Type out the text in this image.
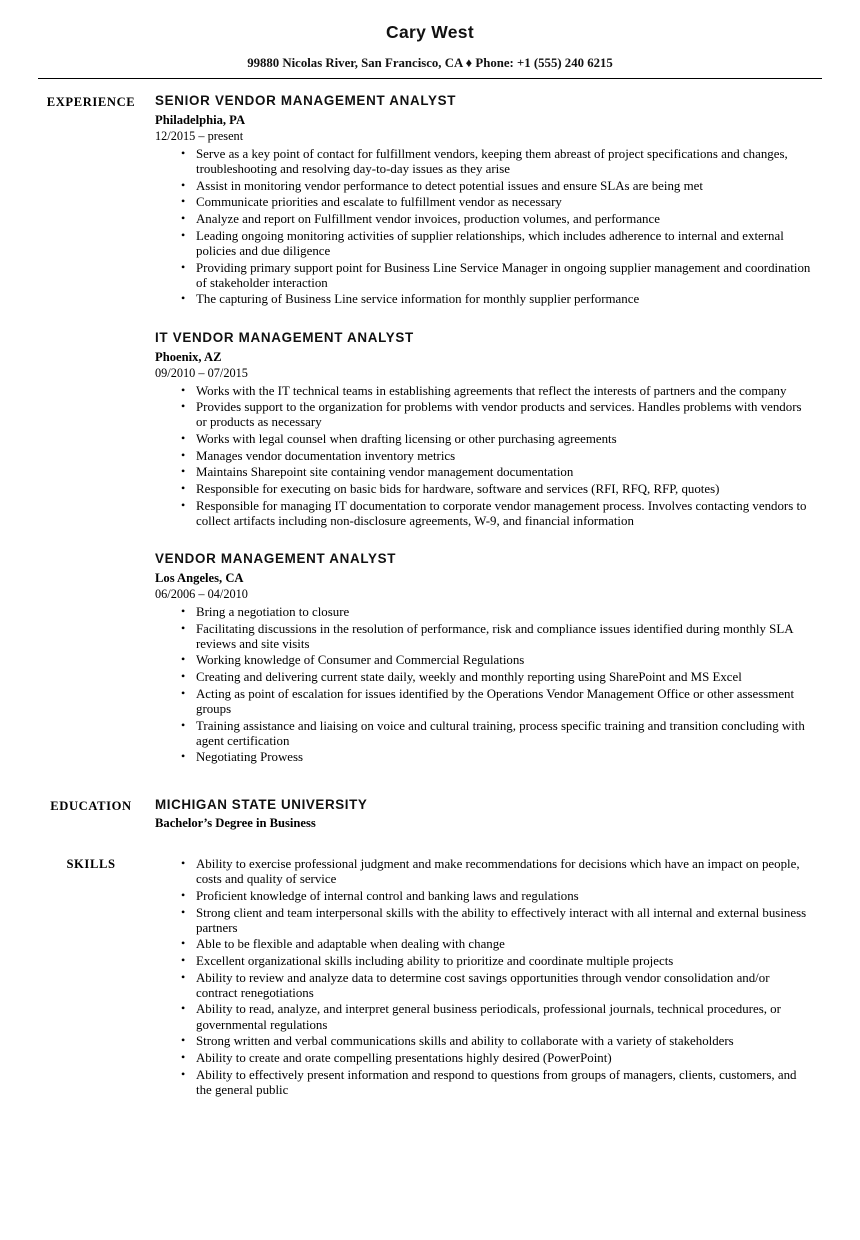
Cary West
99880 Nicolas River, San Francisco, CA ♦ Phone: +1 (555) 240 6215
EXPERIENCE	SENIOR VENDOR MANAGEMENT ANALYST
Philadelphia, PA
12/2015 – present
• Serve as a key point of contact for fulfillment vendors, keeping them abreast of project specifications and changes, troubleshooting and resolving day-to-day issues as they arise
• Assist in monitoring vendor performance to detect potential issues and ensure SLAs are being met
• Communicate priorities and escalate to fulfillment vendor as necessary
• Analyze and report on Fulfillment vendor invoices, production volumes, and performance
• Leading ongoing monitoring activities of supplier relationships, which includes adherence to internal and external policies and due diligence
• Providing primary support point for Business Line Service Manager in ongoing supplier management and coordination of stakeholder interaction
• The capturing of Business Line service information for monthly supplier performance
IT VENDOR MANAGEMENT ANALYST
Phoenix, AZ
09/2010 – 07/2015
• Works with the IT technical teams in establishing agreements that reflect the interests of partners and the company
• Provides support to the organization for problems with vendor products and services. Handles problems with vendors or products as necessary
• Works with legal counsel when drafting licensing or other purchasing agreements
• Manages vendor documentation inventory metrics
• Maintains Sharepoint site containing vendor management documentation
• Responsible for executing on basic bids for hardware, software and services (RFI, RFQ, RFP, quotes)
• Responsible for managing IT documentation to corporate vendor management process. Involves contacting vendors to collect artifacts including non-disclosure agreements, W-9, and financial information
VENDOR MANAGEMENT ANALYST
Los Angeles, CA
06/2006 – 04/2010
• Bring a negotiation to closure
• Facilitating discussions in the resolution of performance, risk and compliance issues identified during monthly SLA reviews and site visits
• Working knowledge of Consumer and Commercial Regulations
• Creating and delivering current state daily, weekly and monthly reporting using SharePoint and MS Excel
• Acting as point of escalation for issues identified by the Operations Vendor Management Office or other assessment groups
• Training assistance and liaising on voice and cultural training, process specific training and transition concluding with agent certification
• Negotiating Prowess
EDUCATION	MICHIGAN STATE UNIVERSITY
Bachelor’s Degree in Business
SKILLS	• Ability to exercise professional judgment and make recommendations for decisions which have an impact on people, costs and quality of service
• Proficient knowledge of internal control and banking laws and regulations
• Strong client and team interpersonal skills with the ability to effectively interact with all internal and external business partners
• Able to be flexible and adaptable when dealing with change
• Excellent organizational skills including ability to prioritize and coordinate multiple projects
• Ability to review and analyze data to determine cost savings opportunities through vendor consolidation and/or contract renegotiations
• Ability to read, analyze, and interpret general business periodicals, professional journals, technical procedures, or governmental regulations
• Strong written and verbal communications skills and ability to collaborate with a variety of stakeholders
• Ability to create and orate compelling presentations highly desired (PowerPoint)
• Ability to effectively present information and respond to questions from groups of managers, clients, customers, and the general public
